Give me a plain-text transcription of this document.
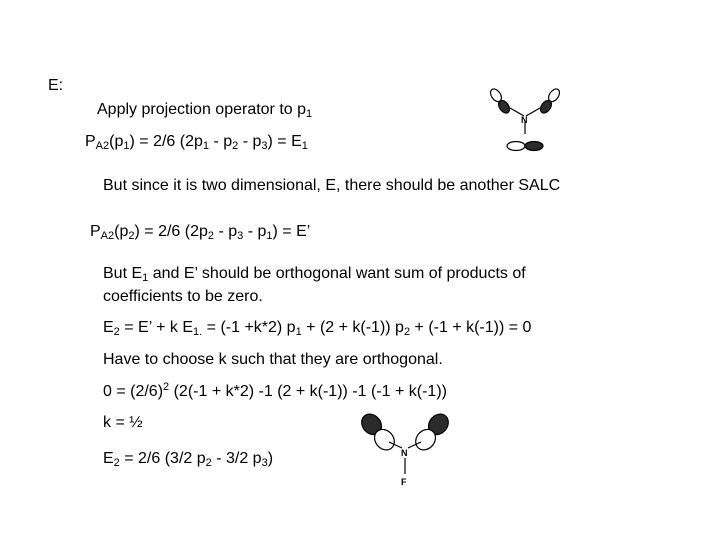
E:
Apply projection operator to $p_1$
$P_{A2}(p_1) = 2/6$ $(2p_1 - p_2 - p_3) = E_1$
But since it is two dimensional, E, there should be another SALC
$P_{A2}(p_2) = 2/6$ $(2p_2 - p_3 - p_1) = E$’
But $E_1$ and E’ should be orthogonal want sum of products of
coefficients to be zero.
$E_2 = E$’ + k $E_{1.} = (-1 +k*2) p_1 + (2 + k(-1)) p_2 + (-1 + k(-1)) = 0$
Have to choose k such that they are orthogonal.
$0 = (2/6)^2$ (2(-1 + k*2) -1 (2 + k(-1)) -1 (-1 + k(-1))
k = ½
$E_2 = 2/6$ (3/2 $p_2 - 3/2$ $p_3$)
N
N
F
